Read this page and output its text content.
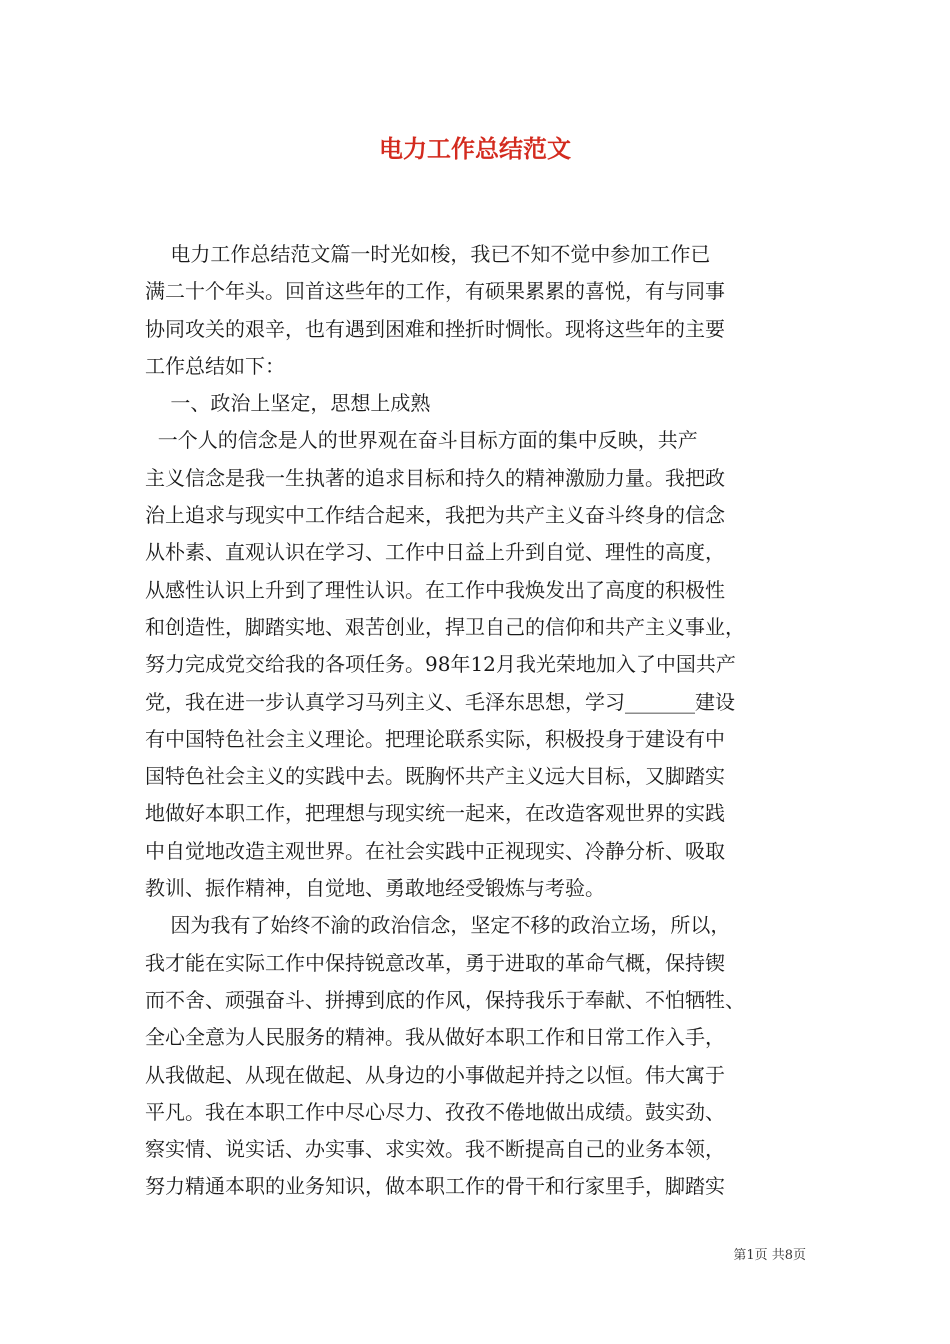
电力工作总结范文
电力工作总结范文篇一时光如梭，我已不知不觉中参加工作已
满二十个年头。回首这些年的工作，有硕果累累的喜悦，有与同事
协同攻关的艰辛，也有遇到困难和挫折时惆怅。现将这些年的主要
工作总结如下：
一、政治上坚定，思想上成熟
一个人的信念是人的世界观在奋斗目标方面的集中反映，共产
主义信念是我一生执著的追求目标和持久的精神激励力量。我把政
治上追求与现实中工作结合起来，我把为共产主义奋斗终身的信念
从朴素、直观认识在学习、工作中日益上升到自觉、理性的高度，
从感性认识上升到了理性认识。在工作中我焕发出了高度的积极性
和创造性，脚踏实地、艰苦创业，捍卫自己的信仰和共产主义事业，
努力完成党交给我的各项任务。98年12月我光荣地加入了中国共产
党，我在进一步认真学习马列主义、毛泽东思想，学习_______建设
有中国特色社会主义理论。把理论联系实际，积极投身于建设有中
国特色社会主义的实践中去。既胸怀共产主义远大目标，又脚踏实
地做好本职工作，把理想与现实统一起来，在改造客观世界的实践
中自觉地改造主观世界。在社会实践中正视现实、冷静分析、吸取
教训、振作精神，自觉地、勇敢地经受锻炼与考验。
因为我有了始终不渝的政治信念，坚定不移的政治立场，所以，
我才能在实际工作中保持锐意改革，勇于进取的革命气概，保持锲
而不舍、顽强奋斗、拼搏到底的作风，保持我乐于奉献、不怕牺牲、
全心全意为人民服务的精神。我从做好本职工作和日常工作入手，
从我做起、从现在做起、从身边的小事做起并持之以恒。伟大寓于
平凡。我在本职工作中尽心尽力、孜孜不倦地做出成绩。鼓实劲、
察实情、说实话、办实事、求实效。我不断提高自己的业务本领，
努力精通本职的业务知识，做本职工作的骨干和行家里手，脚踏实
第1页 共8页
